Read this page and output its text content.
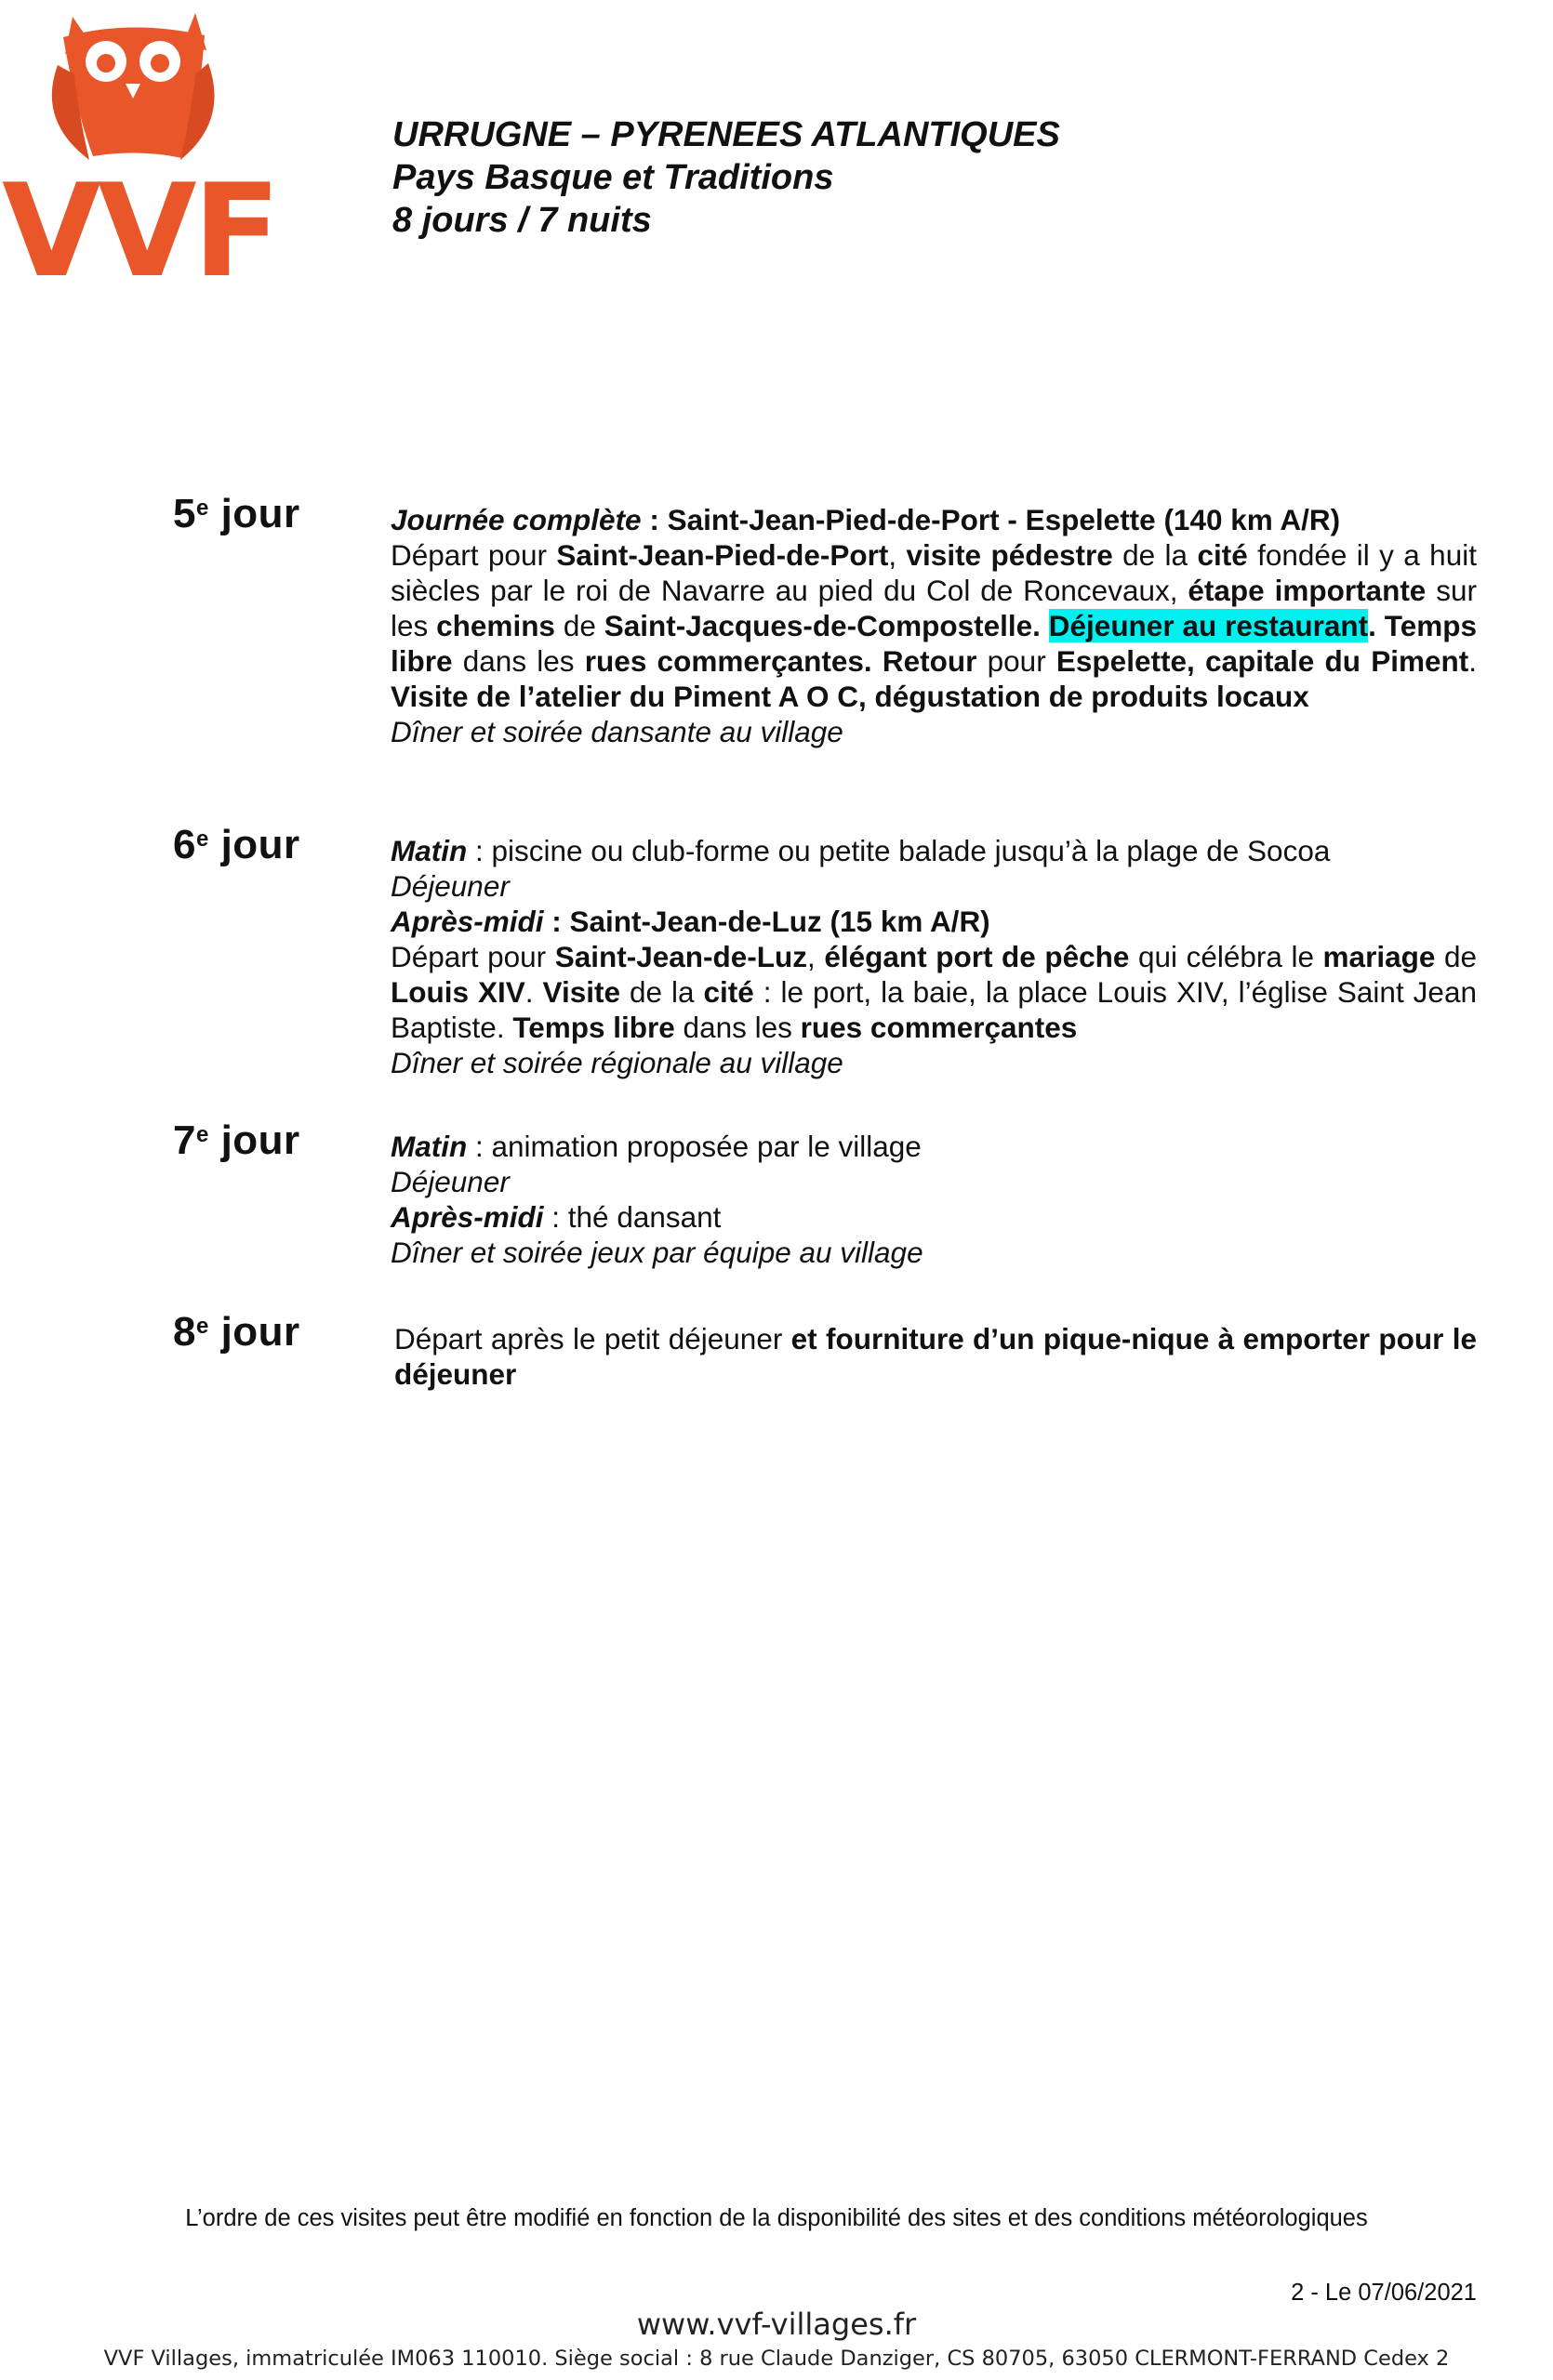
VVF
URRUGNE – PYRENEES ATLANTIQUES
Pays Basque et Traditions
8 jours / 7 nuits
5e jour	Journée complète : Saint-Jean-Pied-de-Port - Espelette (140 km A/R)

Départ pour Saint-Jean-Pied-de-Port, visite pédestre de la cité fondée il y a huit siècles par le roi de Navarre au pied du Col de Roncevaux, étape importante sur les chemins de Saint-Jacques-de-Compostelle. Déjeuner au restaurant. Temps libre dans les rues commerçantes. Retour pour Espelette, capitale du Piment. Visite de l’atelier du Piment A O C, dégustation de produits locaux

Dîner et soirée dansante au village

6e jour	Matin : piscine ou club-forme ou petite balade jusqu’à la plage de Socoa

Déjeuner

Après-midi : Saint-Jean-de-Luz (15 km A/R)

Départ pour Saint-Jean-de-Luz, élégant port de pêche qui célébra le mariage de Louis XIV. Visite de la cité : le port, la baie, la place Louis XIV, l’église Saint Jean Baptiste. Temps libre dans les rues commerçantes

Dîner et soirée régionale au village

7e jour	Matin : animation proposée par le village

Déjeuner

Après-midi : thé dansant

Dîner et soirée jeux par équipe au village

8e jour	Départ après le petit déjeuner et fourniture d’un pique-nique à emporter pour le déjeuner

L’ordre de ces visites peut être modifié en fonction de la disponibilité des sites et des conditions météorologiques
2 - Le 07/06/2021
www.vvf-villages.fr
VVF Villages, immatriculée IM063 110010. Siège social : 8 rue Claude Danziger, CS 80705, 63050 CLERMONT-FERRAND Cedex 2
